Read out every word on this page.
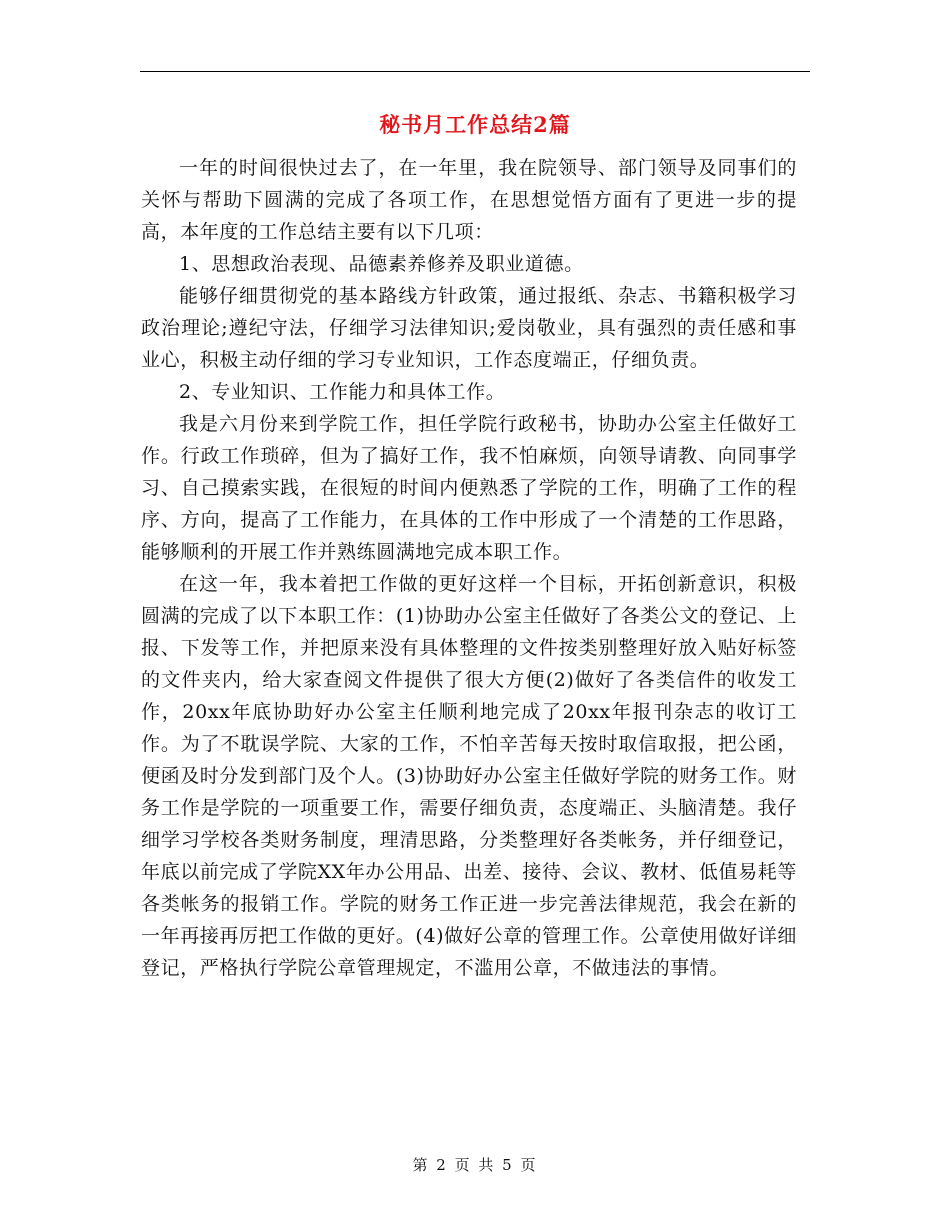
秘书月工作总结2篇

一年的时间很快过去了，在一年里，我在院领导、部门领导及同事们的关怀与帮助下圆满的完成了各项工作，在思想觉悟方面有了更进一步的提高，本年度的工作总结主要有以下几项：

1、思想政治表现、品德素养修养及职业道德。

能够仔细贯彻党的基本路线方针政策，通过报纸、杂志、书籍积极学习政治理论;遵纪守法，仔细学习法律知识;爱岗敬业，具有强烈的责任感和事业心，积极主动仔细的学习专业知识，工作态度端正，仔细负责。

2、专业知识、工作能力和具体工作。

我是六月份来到学院工作，担任学院行政秘书，协助办公室主任做好工作。行政工作琐碎，但为了搞好工作，我不怕麻烦，向领导请教、向同事学习、自己摸索实践，在很短的时间内便熟悉了学院的工作，明确了工作的程序、方向，提高了工作能力，在具体的工作中形成了一个清楚的工作思路，能够顺利的开展工作并熟练圆满地完成本职工作。

在这一年，我本着把工作做的更好这样一个目标，开拓创新意识，积极圆满的完成了以下本职工作：(1)协助办公室主任做好了各类公文的登记、上报、下发等工作，并把原来没有具体整理的文件按类别整理好放入贴好标签的文件夹内，给大家查阅文件提供了很大方便(2)做好了各类信件的收发工作，20xx年底协助好办公室主任顺利地完成了20xx年报刊杂志的收订工作。为了不耽误学院、大家的工作，不怕辛苦每天按时取信取报，把公函，便函及时分发到部门及个人。(3)协助好办公室主任做好学院的财务工作。财务工作是学院的一项重要工作，需要仔细负责，态度端正、头脑清楚。我仔细学习学校各类财务制度，理清思路，分类整理好各类帐务，并仔细登记，年底以前完成了学院XX年办公用品、出差、接待、会议、教材、低值易耗等各类帐务的报销工作。学院的财务工作正进一步完善法律规范，我会在新的一年再接再厉把工作做的更好。(4)做好公章的管理工作。公章使用做好详细登记，严格执行学院公章管理规定，不滥用公章，不做违法的事情。

第 2 页 共 5 页
